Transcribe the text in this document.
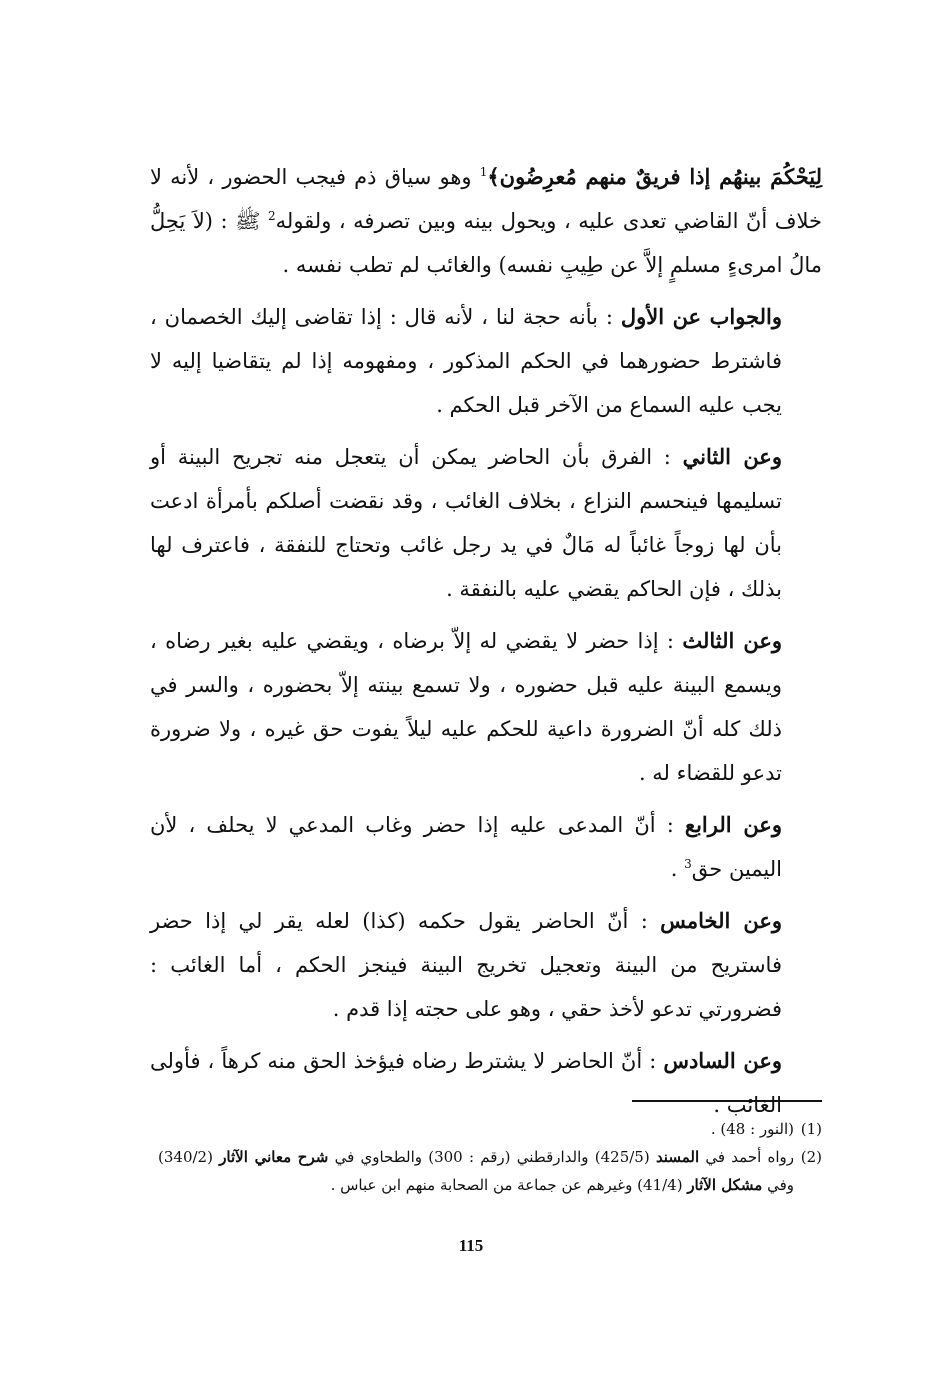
لِيَحْكُمَ بينهُم إذا فريقٌ منهم مُعرِضُون﴾$^1$ وهو سياق ذم فيجب الحضور ، لأنه لا خلاف أنّ القاضي تعدى عليه ، ويحول بينه وبين تصرفه ، ولقوله$^2$ ﷺ : (لاَ يَحِلُّ مالُ امرىءٍ مسلمٍ إلاَّ عن طِيبِ نفسه) والغائب لم تطب نفسه .

والجواب عن الأول : بأنه حجة لنا ، لأنه قال : إذا تقاضى إليك الخصمان ، فاشترط حضورهما في الحكم المذكور ، ومفهومه إذا لم يتقاضيا إليه لا يجب عليه السماع من الآخر قبل الحكم .

وعن الثاني : الفرق بأن الحاضر يمكن أن يتعجل منه تجريح البينة أو تسليمها فينحسم النزاع ، بخلاف الغائب ، وقد نقضت أصلكم بأمرأة ادعت بأن لها زوجاً غائباً له مَالٌ في يد رجل غائب وتحتاج للنفقة ، فاعترف لها بذلك ، فإن الحاكم يقضي عليه بالنفقة .

وعن الثالث : إذا حضر لا يقضي له إلاّ برضاه ، ويقضي عليه بغير رضاه ، ويسمع البينة عليه قبل حضوره ، ولا تسمع بينته إلاّ بحضوره ، والسر في ذلك كله أنّ الضرورة داعية للحكم عليه ليلاً يفوت حق غيره ، ولا ضرورة تدعو للقضاء له .

وعن الرابع : أنّ المدعى عليه إذا حضر وغاب المدعي لا يحلف ، لأن اليمين حق$^3$ .

وعن الخامس : أنّ الحاضر يقول حكمه (كذا) لعله يقر لي إذا حضر فاستريح من البينة وتعجيل تخريج البينة فينجز الحكم ، أما الغائب : فضرورتي تدعو لأخذ حقي ، وهو على حجته إذا قدم .

وعن السادس : أنّ الحاضر لا يشترط رضاه فيؤخذ الحق منه كرهاً ، فأولى الغائب .

(1)
(النور : 48) .
(2)
رواه أحمد في المسند (425/5) والدارقطني (رقم : 300) والطحاوي في شرح معاني الآثار (340/2) وفي مشكل الآثار (41/4) وغيرهم عن جماعة من الصحابة منهم ابن عباس .
115
